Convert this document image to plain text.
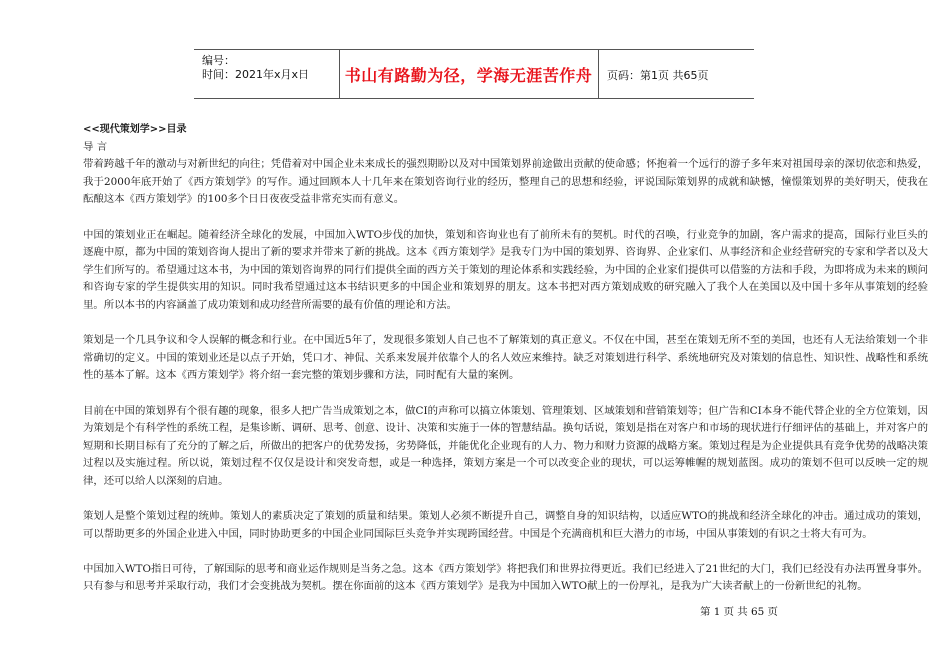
编号：
时间：2021年x月x日	书山有路勤为径，学海无涯苦作舟	页码：第1页 共65页

<<现代策划学>>目录

导 言

带着跨越千年的激动与对新世纪的向往；凭借着对中国企业未来成长的强烈期盼以及对中国策划界前途做出贡献的使命感；怀抱着一个远行的游子多年来对祖国母亲的深切依恋和热爱，我于2000年底开始了《西方策划学》的写作。通过回顾本人十几年来在策划咨询行业的经历，整理自己的思想和经验，评说国际策划界的成就和缺憾，憧憬策划界的美好明天，使我在酝酿这本《西方策划学》的100多个日日夜夜受益非常充实而有意义。

中国的策划业正在崛起。随着经济全球化的发展，中国加入WTO步伐的加快，策划和咨询业也有了前所未有的契机。时代的召唤，行业竞争的加剧，客户需求的提高，国际行业巨头的逐鹿中原，都为中国的策划咨询人提出了新的要求并带来了新的挑战。这本《西方策划学》是我专门为中国的策划界、咨询界、企业家们、从事经济和企业经营研究的专家和学者以及大学生们所写的。希望通过这本书，为中国的策划咨询界的同行们提供全面的西方关于策划的理论体系和实践经验，为中国的企业家们提供可以借鉴的方法和手段，为即将成为未来的顾问和咨询专家的学生提供实用的知识。同时我希望通过这本书结识更多的中国企业和策划界的朋友。这本书把对西方策划成败的研究融入了我个人在美国以及中国十多年从事策划的经验里。所以本书的内容涵盖了成功策划和成功经营所需要的最有价值的理论和方法。

策划是一个几具争议和令人误解的概念和行业。在中国近5年了，发现很多策划人自己也不了解策划的真正意义。不仅在中国，甚至在策划无所不至的美国，也还有人无法给策划一个非常确切的定义。中国的策划业还是以点子开始，凭口才、神侃、关系来发展并依靠个人的名人效应来维持。缺乏对策划进行科学、系统地研究及对策划的信息性、知识性、战略性和系统性的基本了解。这本《西方策划学》将介绍一套完整的策划步骤和方法，同时配有大量的案例。

目前在中国的策划界有个很有趣的现象，很多人把广告当成策划之本，做CI的声称可以搞立体策划、管理策划、区域策划和营销策划等；但广告和CI本身不能代替企业的全方位策划，因为策划是个有科学性的系统工程，是集诊断、调研、思考、创意、设计、决策和实施于一体的智慧结晶。换句话说，策划是指在对客户和市场的现状进行仔细评估的基础上，并对客户的短期和长期目标有了充分的了解之后，所做出的把客户的优势发扬，劣势降低，并能优化企业现有的人力、物力和财力资源的战略方案。策划过程是为企业提供具有竞争优势的战略决策过程以及实施过程。所以说，策划过程不仅仅是设计和突发奇想，或是一种选择，策划方案是一个可以改变企业的现状，可以运筹帷幄的规划蓝图。成功的策划不但可以反映一定的规律，还可以给人以深刻的启迪。

策划人是整个策划过程的统帅。策划人的素质决定了策划的质量和结果。策划人必须不断提升自己，调整自身的知识结构，以适应WTO的挑战和经济全球化的冲击。通过成功的策划，可以帮助更多的外国企业进入中国，同时协助更多的中国企业同国际巨头竞争并实现跨国经营。中国是个充满商机和巨大潜力的市场，中国从事策划的有识之士将大有可为。

中国加入WTO指日可待，了解国际的思考和商业运作规则是当务之急。这本《西方策划学》将把我们和世界拉得更近。我们已经进入了21世纪的大门，我们已经没有办法再置身事外。只有参与和思考并采取行动，我们才会变挑战为契机。摆在你面前的这本《西方策划学》是我为中国加入WTO献上的一份厚礼，是我为广大读者献上的一份新世纪的礼物。

第 1 页 共 65 页
